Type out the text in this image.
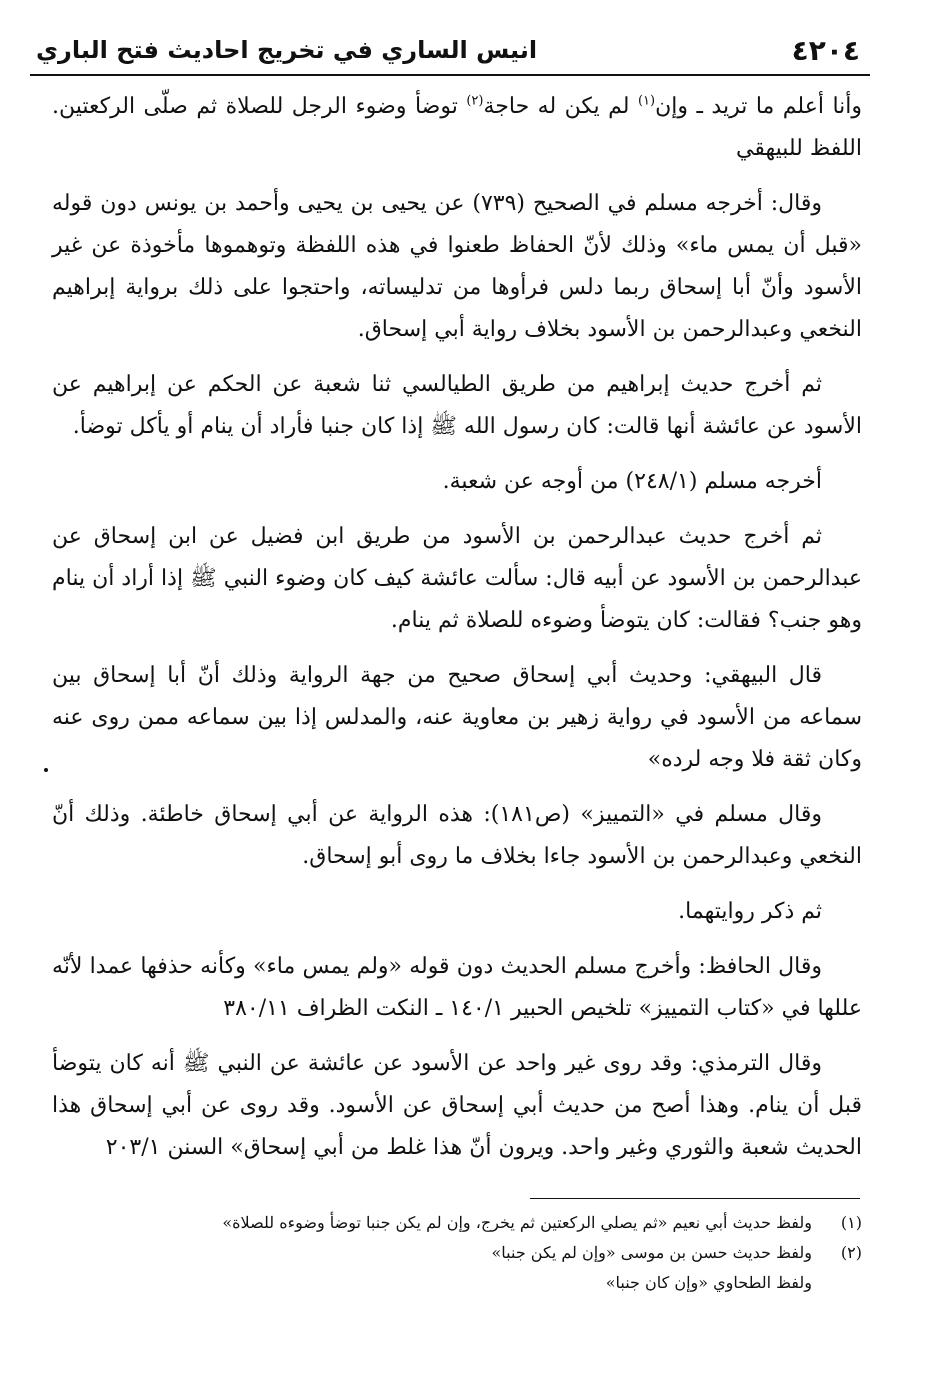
انيس الساري في تخريج احاديث فتح الباري	٤٢٠٤

وأنا أعلم ما تريد ـ وإن$^{(١)}$ لم يكن له حاجة$^{(٢)}$ توضأ وضوء الرجل للصلاة ثم صلّى الركعتين. اللفظ للبيهقي

وقال: أخرجه مسلم في الصحيح (٧٣٩) عن يحيى بن يحيى وأحمد بن يونس دون قوله «قبل أن يمس ماء» وذلك لأنّ الحفاظ طعنوا في هذه اللفظة وتوهموها مأخوذة عن غير الأسود وأنّ أبا إسحاق ربما دلس فرأوها من تدليساته، واحتجوا على ذلك برواية إبراهيم النخعي وعبدالرحمن بن الأسود بخلاف رواية أبي إسحاق.

ثم أخرج حديث إبراهيم من طريق الطيالسي ثنا شعبة عن الحكم عن إبراهيم عن الأسود عن عائشة أنها قالت: كان رسول الله ﷺ إذا كان جنبا فأراد أن ينام أو يأكل توضأ.

أخرجه مسلم (٢٤٨/١) من أوجه عن شعبة.

ثم أخرج حديث عبدالرحمن بن الأسود من طريق ابن فضيل عن ابن إسحاق عن عبدالرحمن بن الأسود عن أبيه قال: سألت عائشة كيف كان وضوء النبي ﷺ إذا أراد أن ينام وهو جنب؟ فقالت: كان يتوضأ وضوءه للصلاة ثم ينام.

قال البيهقي: وحديث أبي إسحاق صحيح من جهة الرواية وذلك أنّ أبا إسحاق بين سماعه من الأسود في رواية زهير بن معاوية عنه، والمدلس إذا بين سماعه ممن روى عنه وكان ثقة فلا وجه لرده»

وقال مسلم في «التمييز» (ص١٨١): هذه الرواية عن أبي إسحاق خاطئة. وذلك أنّ النخعي وعبدالرحمن بن الأسود جاءا بخلاف ما روى أبو إسحاق.

ثم ذكر روايتهما.

وقال الحافظ: وأخرج مسلم الحديث دون قوله «ولم يمس ماء» وكأنه حذفها عمدا لأنّه عللها في «كتاب التمييز» تلخيص الحبير ١٤٠/١ ـ النكت الظراف ٣٨٠/١١

وقال الترمذي: وقد روى غير واحد عن الأسود عن عائشة عن النبي ﷺ أنه كان يتوضأ قبل أن ينام. وهذا أصح من حديث أبي إسحاق عن الأسود. وقد روى عن أبي إسحاق هذا الحديث شعبة والثوري وغير واحد. ويرون أنّ هذا غلط من أبي إسحاق» السنن ٢٠٣/١

(١)
ولفظ حديث أبي نعيم «ثم يصلي الركعتين ثم يخرج، وإن لم يكن جنبا توضأ وضوءه للصلاة»
(٢)
ولفظ حديث حسن بن موسى «وإن لم يكن جنبا»
ولفظ الطحاوي «وإن كان جنبا»
